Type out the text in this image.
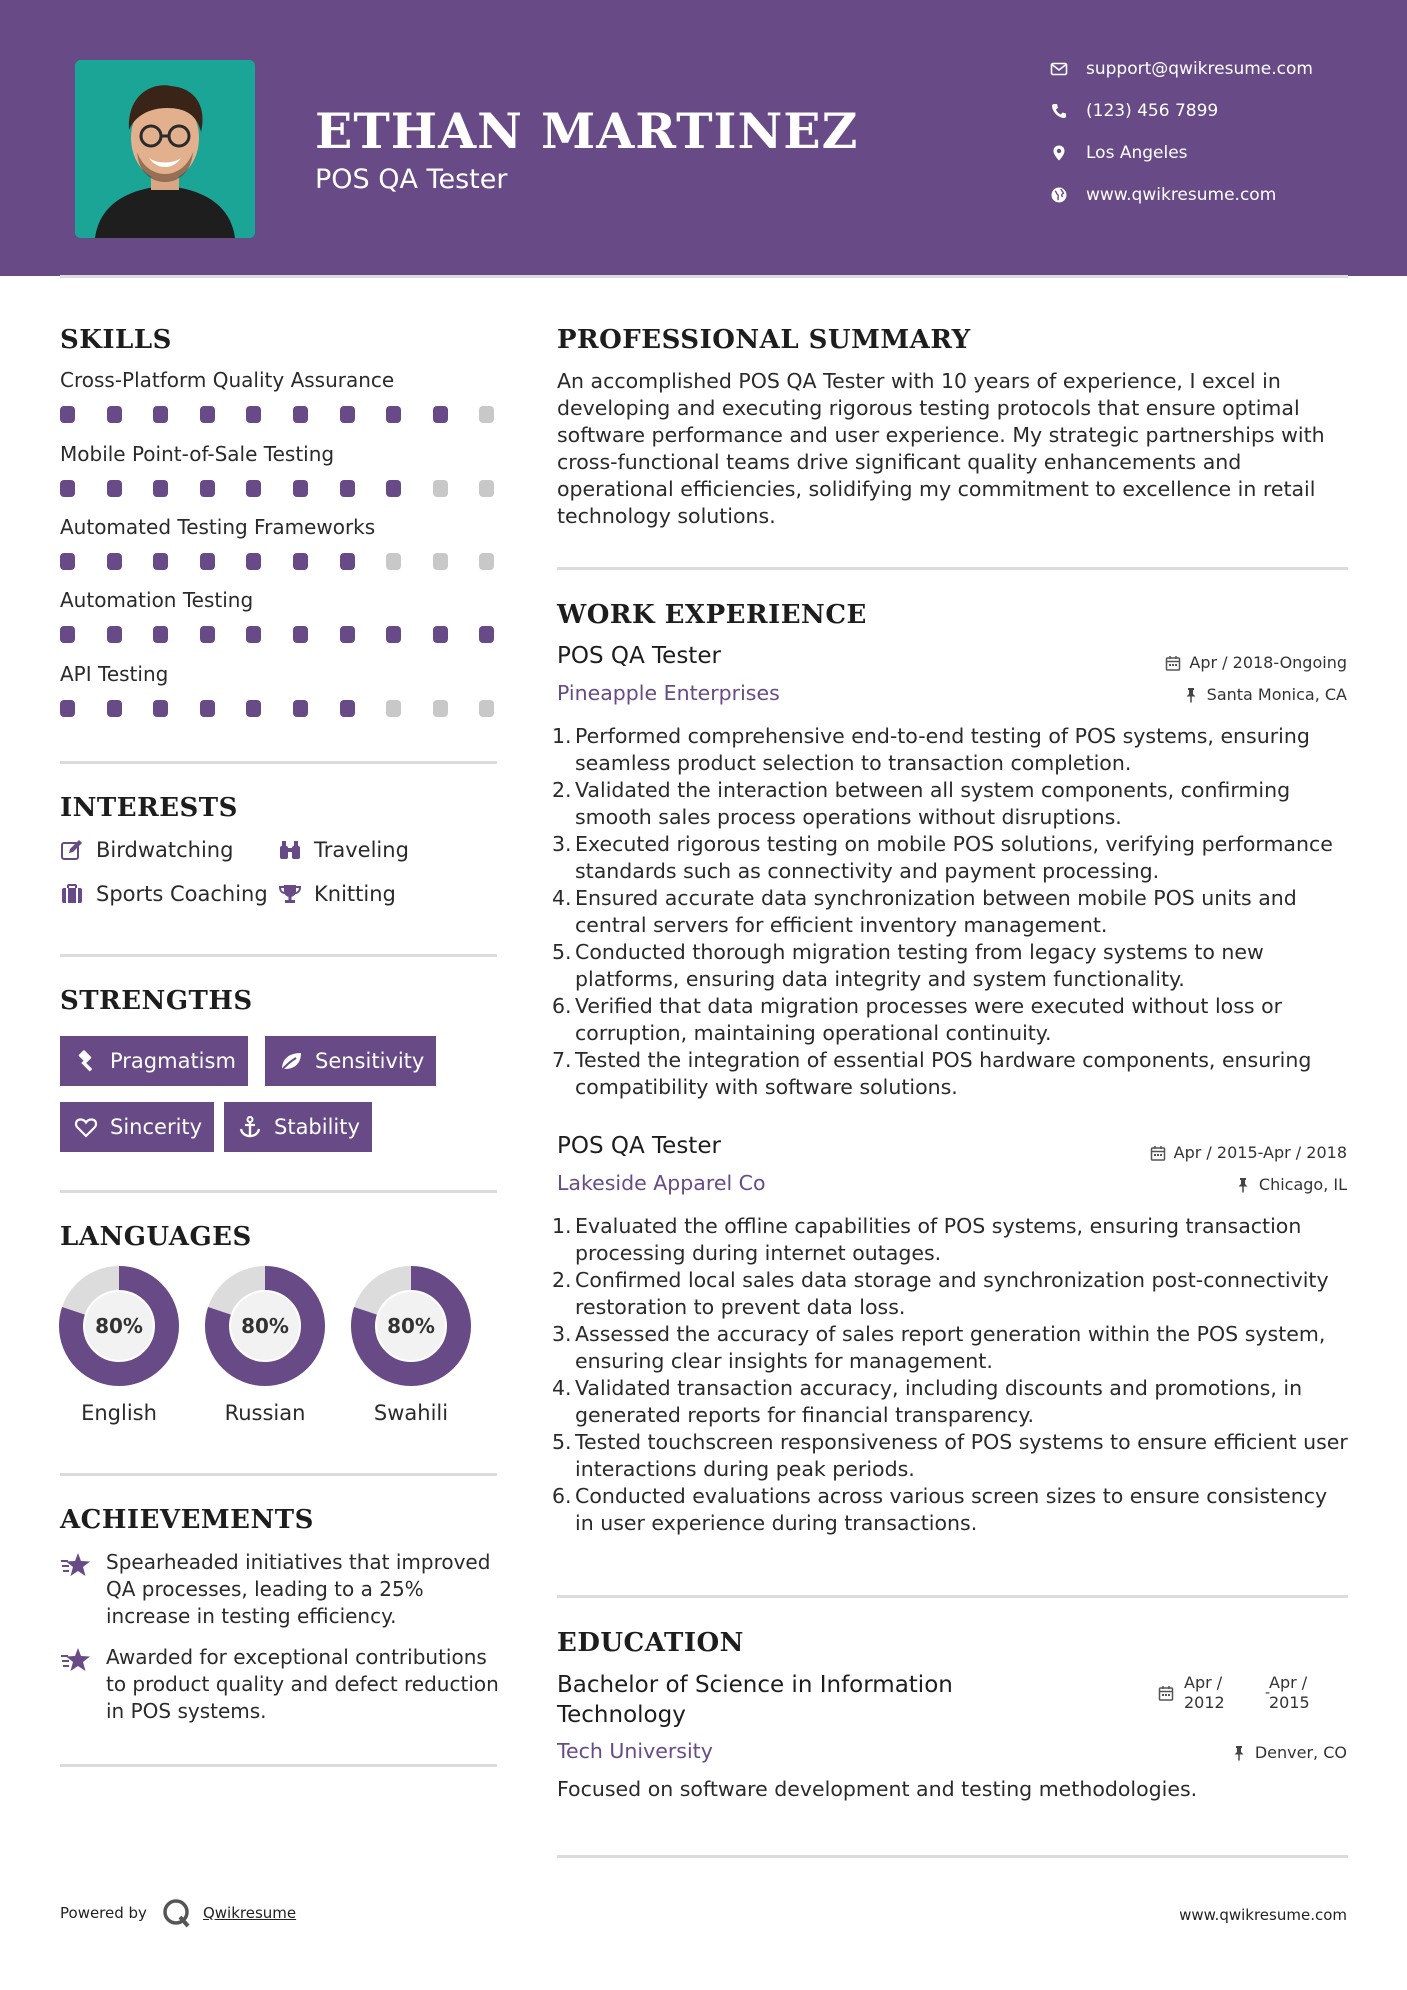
ETHAN MARTINEZ
POS QA Tester
support@qwikresume.com
(123) 456 7899
Los Angeles
www.qwikresume.com
SKILLS
Cross-Platform Quality Assurance
Mobile Point-of-Sale Testing
Automated Testing Frameworks
Automation Testing
API Testing
INTERESTS
Birdwatching	Traveling
Sports Coaching Knitting
STRENGTHS
Pragmatism	Sensitivity
Sincerity	Stability
LANGUAGES
80%
English
80%
Russian
80%
Swahili
ACHIEVEMENTS
Spearheaded initiatives that improved QA processes, leading to a 25% increase in testing efficiency.
Awarded for exceptional contributions to product quality and defect reduction in POS systems.
PROFESSIONAL SUMMARY
An accomplished POS QA Tester with 10 years of experience, I excel in developing and executing rigorous testing protocols that ensure optimal software performance and user experience. My strategic partnerships with cross-functional teams drive significant quality enhancements and operational efficiencies, solidifying my commitment to excellence in retail technology solutions.
WORK EXPERIENCE
POS QA Tester	Apr / 2018-Ongoing
Pineapple Enterprises	Santa Monica, CA
1. Performed comprehensive end-to-end testing of POS systems, ensuring seamless product selection to transaction completion.
2. Validated the interaction between all system components, confirming smooth sales process operations without disruptions.
3. Executed rigorous testing on mobile POS solutions, verifying performance standards such as connectivity and payment processing.
4. Ensured accurate data synchronization between mobile POS units and central servers for efficient inventory management.
5. Conducted thorough migration testing from legacy systems to new platforms, ensuring data integrity and system functionality.
6. Verified that data migration processes were executed without loss or corruption, maintaining operational continuity.
7. Tested the integration of essential POS hardware components, ensuring compatibility with software solutions.
POS QA Tester	Apr / 2015-Apr / 2018
Lakeside Apparel Co	Chicago, IL
1. Evaluated the offline capabilities of POS systems, ensuring transaction processing during internet outages.
2. Confirmed local sales data storage and synchronization post-connectivity restoration to prevent data loss.
3. Assessed the accuracy of sales report generation within the POS system, ensuring clear insights for management.
4. Validated transaction accuracy, including discounts and promotions, in generated reports for financial transparency.
5. Tested touchscreen responsiveness of POS systems to ensure efficient user interactions during peak periods.
6. Conducted evaluations across various screen sizes to ensure consistency in user experience during transactions.
EDUCATION
Bachelor of Science in Information
Technology
Apr /
2012	-
Apr /
2015
Tech University	Denver, CO
Focused on software development and testing methodologies.
Powered by	Qwikresume	www.qwikresume.com
